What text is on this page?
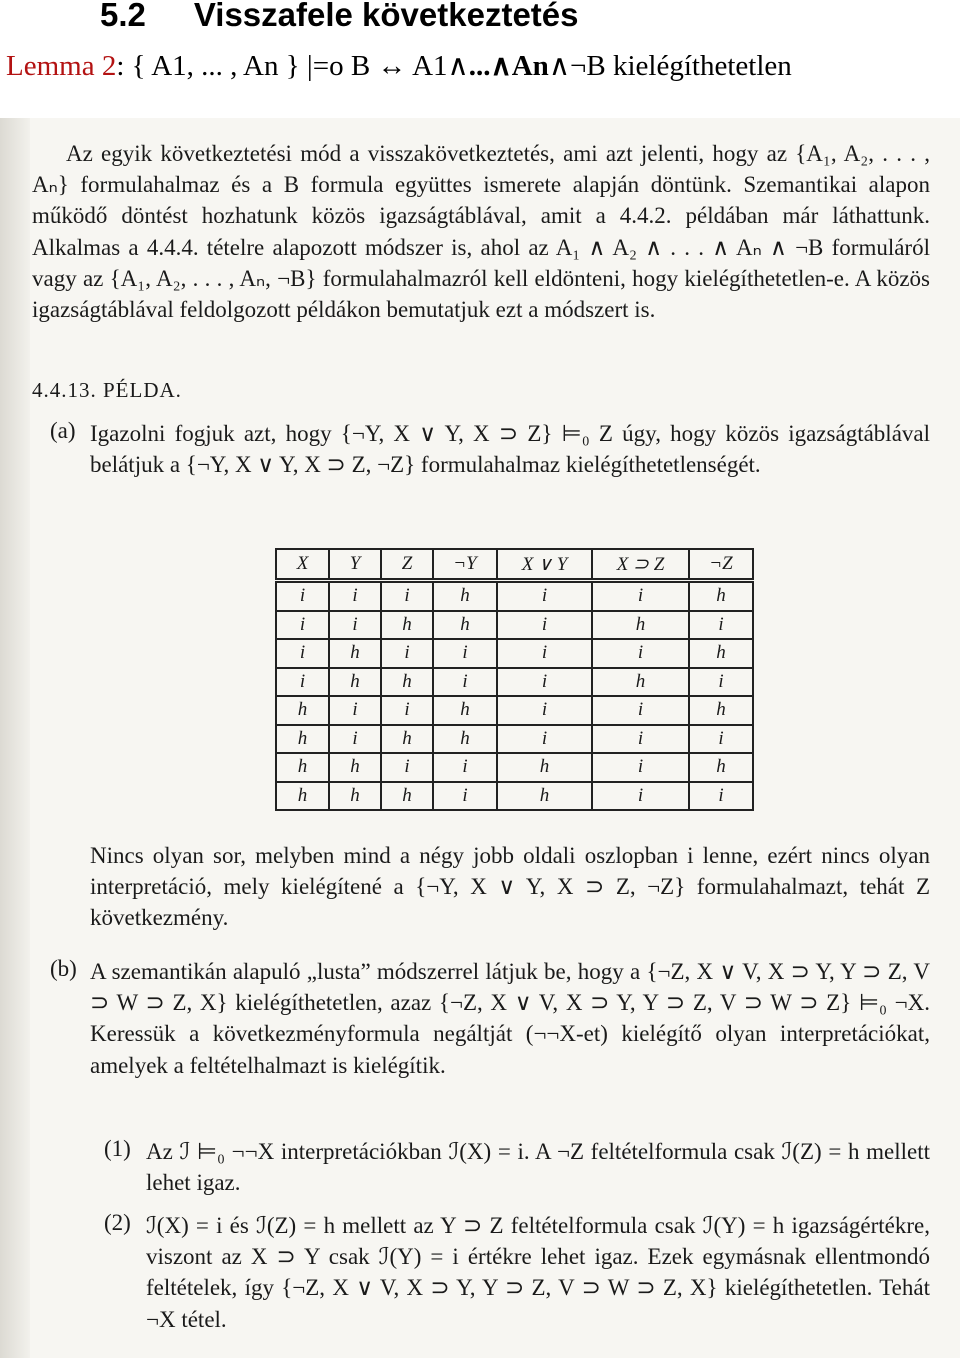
5.2 Visszafele következtetés
Lemma 2: { A1, ... , An } |=o B ↔ A1∧...∧An∧¬B kielégíthetetlen

Az egyik következtetési mód a visszakövetkeztetés, ami azt jelenti, hogy az {A₁, A₂, . . . , Aₙ} formulahalmaz és a B formula együttes ismerete alapján döntünk. Szemantikai alapon működő döntést hozhatunk közös igazságtáblával, amit a 4.4.2. példában már láthattunk. Alkalmas a 4.4.4. tételre alapozott módszer is, ahol az A₁ ∧ A₂ ∧ . . . ∧ Aₙ ∧ ¬B formuláról vagy az {A₁, A₂, . . . , Aₙ, ¬B} formulahalmazról kell eldönteni, hogy kielégíthetetlen-e. A közös igazságtáblával feldolgozott példákon bemutatjuk ezt a módszert is.

4.4.13. PÉLDA.
(a) Igazolni fogjuk azt, hogy {¬Y, X ∨ Y, X ⊃ Z} ⊨₀ Z úgy, hogy közös igazságtáblával belátjuk a {¬Y, X ∨ Y, X ⊃ Z, ¬Z} formulahalmaz kielégíthetetlenségét.

X	Y	Z	¬Y	X ∨ Y	X ⊃ Z	¬Z
i	i	i	h	i	i	h
i	i	h	h	i	h	i
i	h	i	i	i	i	h
i	h	h	i	i	h	i
h	i	i	h	i	i	h
h	i	h	h	i	i	i
h	h	i	i	h	i	h
h	h	h	i	h	i	i

Nincs olyan sor, melyben mind a négy jobb oldali oszlopban i lenne, ezért nincs olyan interpretáció, mely kielégítené a {¬Y, X ∨ Y, X ⊃ Z, ¬Z} formulahalmazt, tehát Z következmény.

(b) A szemantikán alapuló „lusta” módszerrel látjuk be, hogy a {¬Z, X ∨ V, X ⊃ Y, Y ⊃ Z, V ⊃ W ⊃ Z, X} kielégíthetetlen, azaz {¬Z, X ∨ V, X ⊃ Y, Y ⊃ Z, V ⊃ W ⊃ Z} ⊨₀ ¬X. Keressük a következményformula negáltját (¬¬X-et) kielégítő olyan interpretációkat, amelyek a feltételhalmazt is kielégítik.

(1) Az ℐ ⊨₀ ¬¬X interpretációkban ℐ(X) = i. A ¬Z feltételformula csak ℐ(Z) = h mellett lehet igaz.

(2) ℐ(X) = i és ℐ(Z) = h mellett az Y ⊃ Z feltételformula csak ℐ(Y) = h igazságértékre, viszont az X ⊃ Y csak ℐ(Y) = i értékre lehet igaz. Ezek egymásnak ellentmondó feltételek, így {¬Z, X ∨ V, X ⊃ Y, Y ⊃ Z, V ⊃ W ⊃ Z, X} kielégíthetetlen. Tehát ¬X tétel.
